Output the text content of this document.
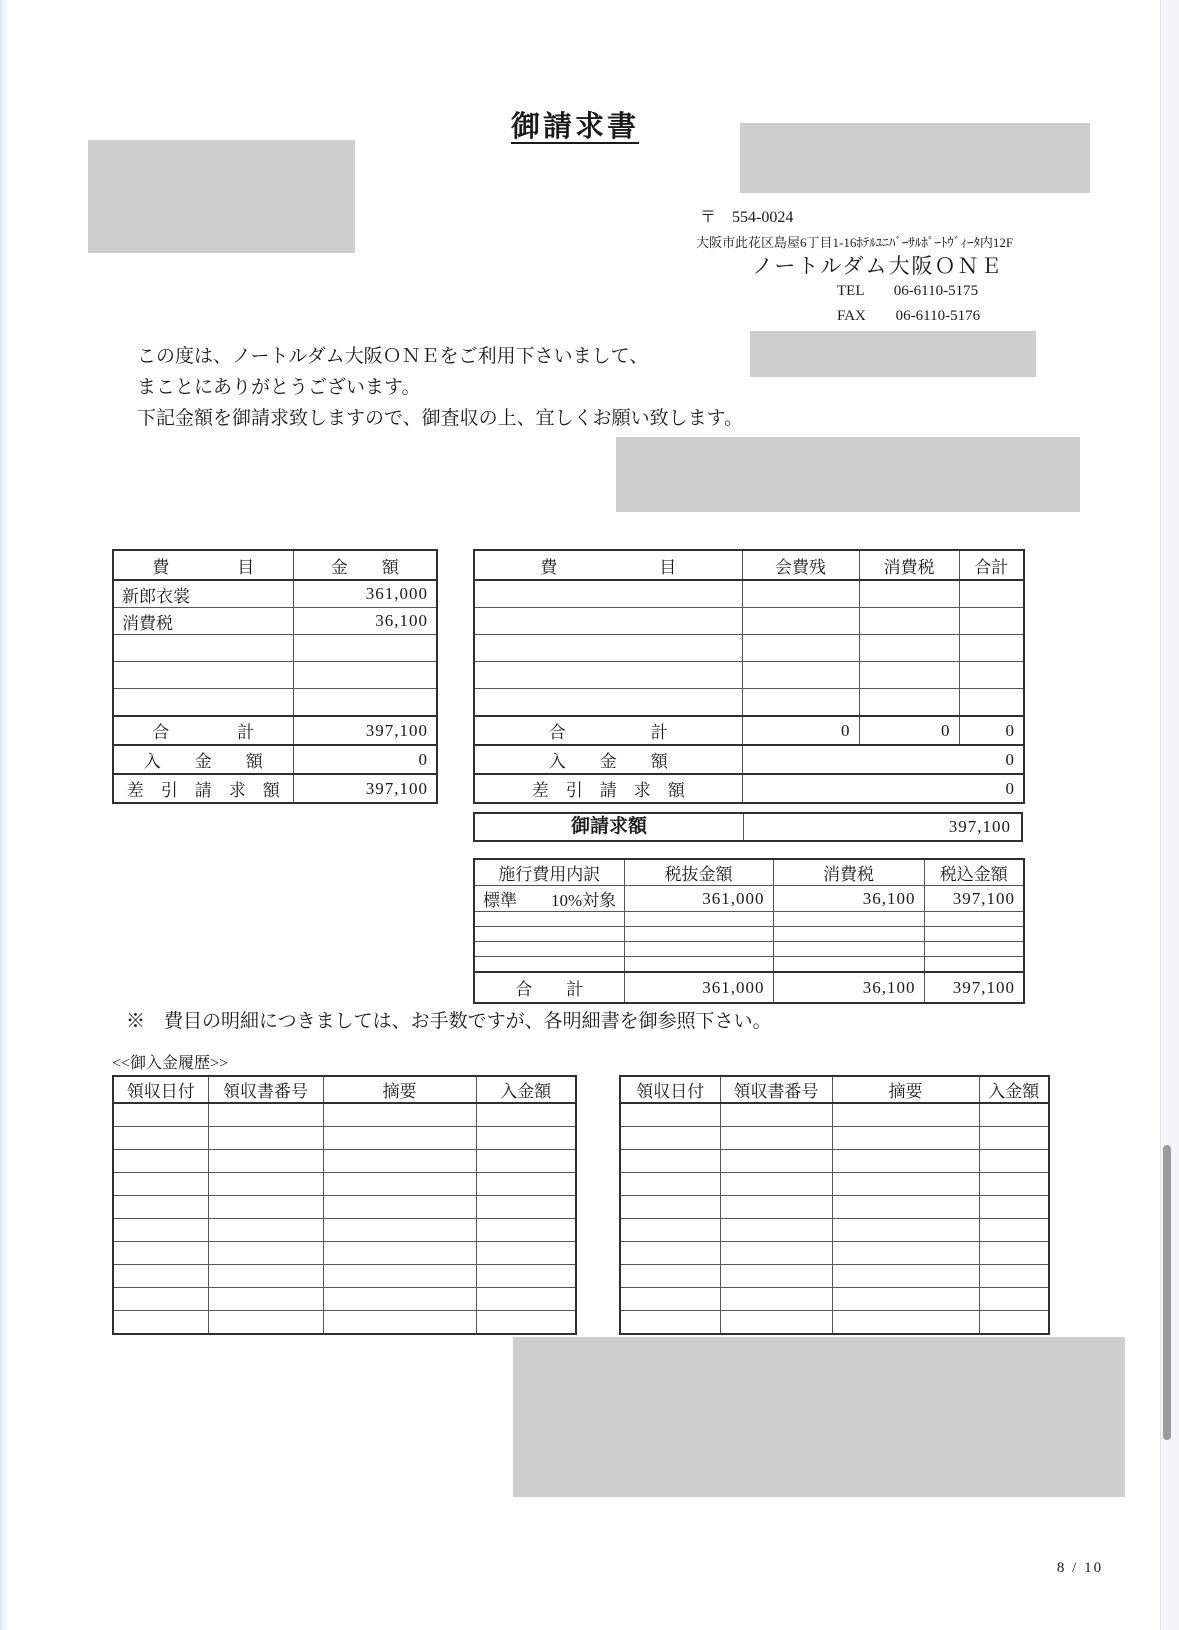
御請求書
〒　554-0024
大阪市此花区島屋6丁目1-16ﾎﾃﾙﾕﾆﾊﾞｰｻﾙﾎﾟｰﾄｳﾞｨｰﾀ内12F
ノートルダム大阪ＯＮＥ
TEL 06-6110-5175
FAX 06-6110-5176

この度は、ノートルダム大阪ＯＮＥをご利用下さいまして、

まことにありがとうございます。

下記金額を御請求致しますので、御査収の上、宜しくお願い致します。

費　　　　目	金　　額
新郎衣裳	361,000
消費税	36,100

合　　　　計	397,100
入　　金　　額	0
差　引　請　求　額	397,100
費　　　　　　目	会費残	消費税	合計

合　　　　　計	0	0	0
入　　金　　額	0		
差　引　請　求　額	0		
御請求額	397,100
施行費用内訳	税抜金額	消費税	税込金額
標準　　10%対象	361,000	36,100	397,100

合　　計	361,000	36,100	397,100
※　費目の明細につきましては、お手数ですが、各明細書を御参照下さい。
<<御入金履歴>>
領収日付	領収書番号	摘要	入金額

				領収日付	領収書番号	摘要	入金額

8 / 10
